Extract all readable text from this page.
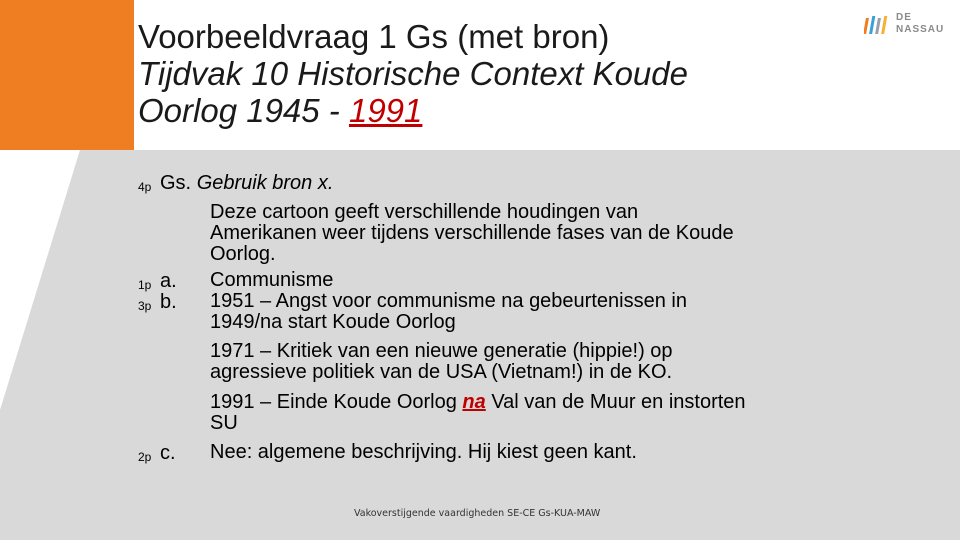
Voorbeeldvraag 1 Gs (met bron)
Tijdvak 10 Historische Context Koude
Oorlog 1945 - 1991
DE
NASSAU
4p Gs. Gebruik bron x.
Deze cartoon geeft verschillende houdingen van
Amerikanen weer tijdens verschillende fases van de Koude
Oorlog.
1p a. Communisme
3p b. 1951 – Angst voor communisme na gebeurtenissen in
1949/na start Koude Oorlog
1971 – Kritiek van een nieuwe generatie (hippie!) op
agressieve politiek van de USA (Vietnam!) in de KO.
1991 – Einde Koude Oorlog na Val van de Muur en instorten
SU
2p c. Nee: algemene beschrijving. Hij kiest geen kant.
Vakoverstijgende vaardigheden SE-CE Gs-KUA-MAW
